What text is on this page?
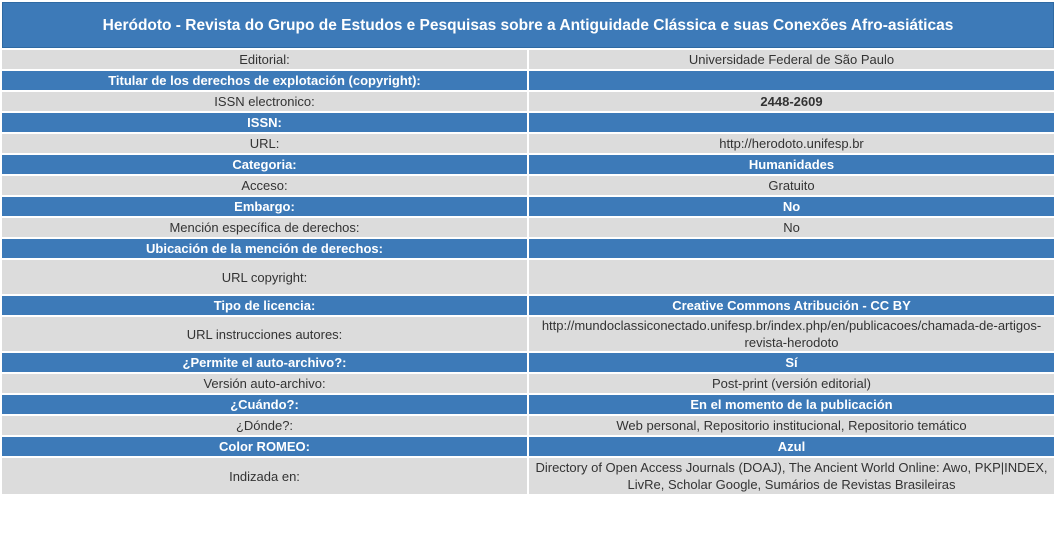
Heródoto - Revista do Grupo de Estudos e Pesquisas sobre a Antiguidade Clássica e suas Conexões Afro-asiáticas	
Editorial:	Universidade Federal de São Paulo
Titular de los derechos de explotación (copyright):	
ISSN electronico:	2448-2609
ISSN:	
URL:	http://herodoto.unifesp.br
Categoria:	Humanidades
Acceso:	Gratuito
Embargo:	No
Mención específica de derechos:	No
Ubicación de la mención de derechos:	
URL copyright:	
Tipo de licencia:	Creative Commons Atribución - CC BY
URL instrucciones autores:	http://mundoclassiconectado.unifesp.br/index.php/en/publicacoes/chamada-de-artigos-revista-herodoto
¿Permite el auto-archivo?:	Sí
Versión auto-archivo:	Post-print (versión editorial)
¿Cuándo?:	En el momento de la publicación
¿Dónde?:	Web personal, Repositorio institucional, Repositorio temático
Color ROMEO:	Azul
Indizada en:	Directory of Open Access Journals (DOAJ), The Ancient World Online: Awo, PKP|INDEX, LivRe, Scholar Google, Sumários de Revistas Brasileiras
